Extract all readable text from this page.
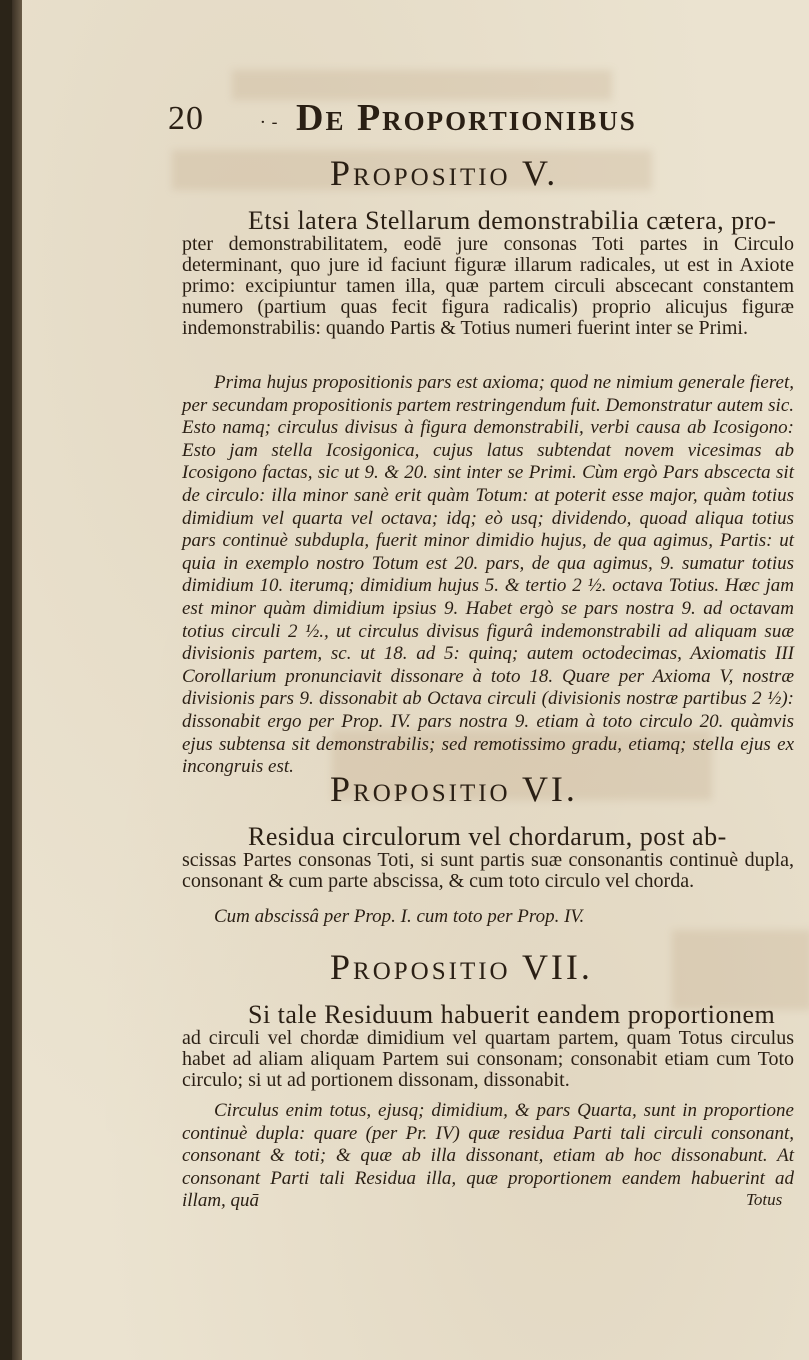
20	· - De Proportionibus
Propositio V.
Etsi latera Stellarum demonstrabilia cætera, pro-
pter demonstrabilitatem, eodē jure consonas Toti partes in Circulo determinant, quo jure id faciunt figuræ illarum radicales, ut est in Axiote primo: excipiuntur tamen illa, quæ partem circuli abscecant constantem numero (partium quas fecit figura radicalis) proprio alicujus figuræ indemonstrabilis: quando Partis & Totius numeri fuerint inter se Primi.
Prima hujus propositionis pars est axioma; quod ne nimium generale fieret, per secundam propositionis partem restringendum fuit. Demonstratur autem sic. Esto namq; circulus divisus à figura demonstrabili, verbi causa ab Icosigono: Esto jam stella Icosigonica, cujus latus subtendat novem vicesimas ab Icosigono factas, sic ut 9. & 20. sint inter se Primi. Cùm ergò Pars abscecta sit de circulo: illa minor sanè erit quàm Totum: at poterit esse major, quàm totius dimidium vel quarta vel octava; idq; eò usq; dividendo, quoad aliqua totius pars continuè subdupla, fuerit minor dimidio hujus, de qua agimus, Partis: ut quia in exemplo nostro Totum est 20. pars, de qua agimus, 9. sumatur totius dimidium 10. iterumq; dimidium hujus 5. & tertio 2 ½. octava Totius. Hæc jam est minor quàm dimidium ipsius 9. Habet ergò se pars nostra 9. ad octavam totius circuli 2 ½., ut circulus divisus figurâ indemonstrabili ad aliquam suæ divisionis partem, sc. ut 18. ad 5: quinq; autem octodecimas, Axiomatis III Corollarium pronunciavit dissonare à toto 18. Quare per Axioma V, nostræ divisionis pars 9. dissonabit ab Octava circuli (divisionis nostræ partibus 2 ½): dissonabit ergo per Prop. IV. pars nostra 9. etiam à toto circulo 20. quàmvis ejus subtensa sit demonstrabilis; sed remotissimo gradu, etiamq; stella ejus ex incongruis est.
Propositio VI.
Residua circulorum vel chordarum, post ab-
scissas Partes consonas Toti, si sunt partis suæ consonantis continuè dupla, consonant & cum parte abscissa, & cum toto circulo vel chorda.
Cum abscissâ per Prop. I. cum toto per Prop. IV.
Propositio VII.
Si tale Residuum habuerit eandem proportionem
ad circuli vel chordæ dimidium vel quartam partem, quam Totus circulus habet ad aliam aliquam Partem sui consonam; consonabit etiam cum Toto circulo; si ut ad portionem dissonam, dissonabit.
Circulus enim totus, ejusq; dimidium, & pars Quarta, sunt in proportione continuè dupla: quare (per Pr. IV) quæ residua Parti tali circuli consonant, consonant & toti; & quæ ab illa dissonant, etiam ab hoc dissonabunt. At consonant Parti tali Residua illa, quæ proportionem eandem habuerint ad illam, quā	Totus
